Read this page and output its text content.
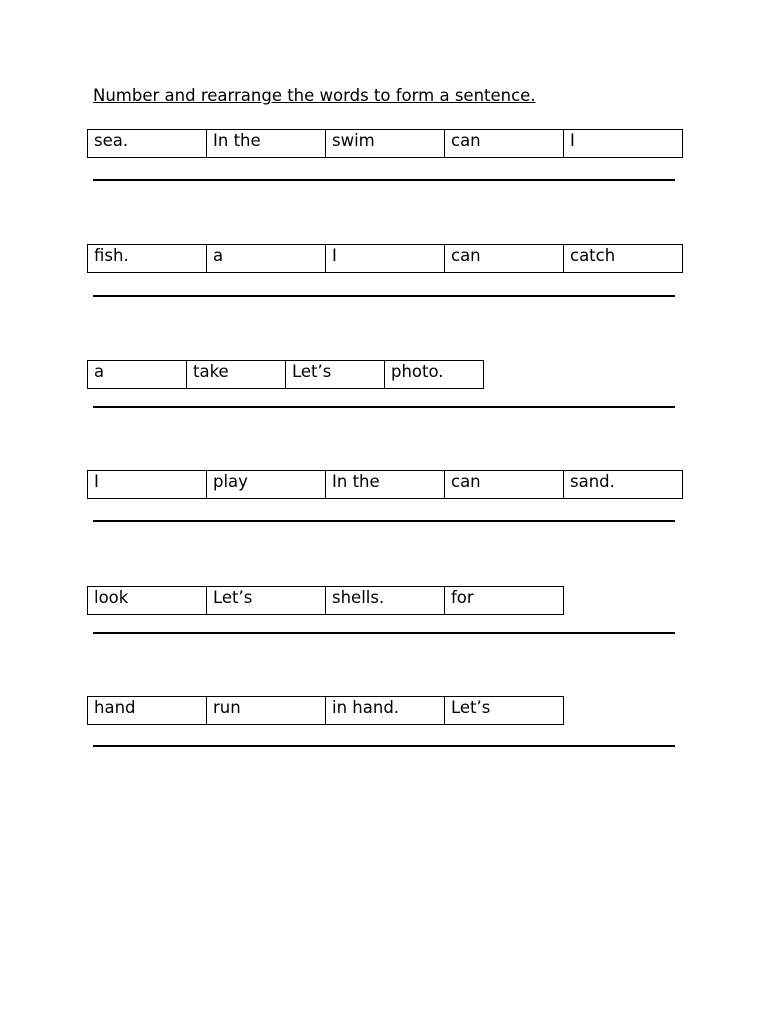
Number and rearrange the words to form a sentence.
sea.	In the	swim	can	I
fish.	a	I	can	catch
a	take	Let’s	photo.
I	play	In the	can	sand.
look	Let’s	shells.	for
hand	run	in hand.	Let’s
